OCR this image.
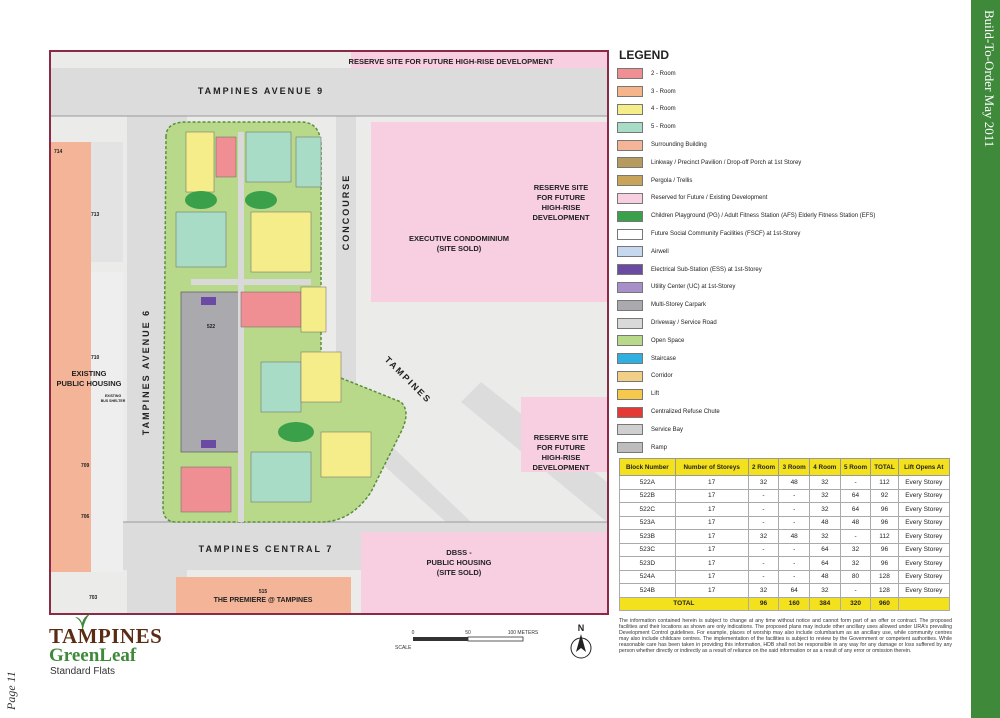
Build-To-Order May 2011
Page 11
RESERVE SITE FOR FUTURE HIGH-RISE DEVELOPMENT
TAMPINES AVENUE 9
TAMPINES AVENUE 6
TAMPINES CENTRAL 7
CONCOURSE
TAMPINES
RESERVE SITE
FOR FUTURE
HIGH-RISE
DEVELOPMENT
EXECUTIVE CONDOMINIUM
(SITE SOLD)
RESERVE SITE
FOR FUTURE
HIGH-RISE
DEVELOPMENT
DBSS -
PUBLIC HOUSING
(SITE SOLD)
EXISTING
PUBLIC HOUSING
THE PREMIERE @ TAMPINES
515
522
714
713
710
709
706
703
EXISTING
BUS SHELTER
LEGEND
2 - Room
3 - Room
4 - Room
5 - Room
Surrounding Building
Linkway / Precinct Pavilion / Drop-off Porch at 1st Storey
Pergola / Trellis
Reserved for Future / Existing Development
Children Playground (PG) / Adult Fitness Station (AFS) Elderly Fitness Station (EFS)
Future Social Community Facilities (FSCF) at 1st-Storey
Airwell
Electrical Sub-Station (ESS) at 1st-Storey
Utility Center (UC) at 1st-Storey
Multi-Storey Carpark
Driveway / Service Road
Open Space
Staircase
Corridor
Lift
Centralized Refuse Chute
Service Bay
Ramp
Block Number	Number of Storeys	2 Room	3 Room	4 Room	5 Room	TOTAL	Lift Opens At
522A	17	32	48	32	-	112	Every Storey
522B	17	-	-	32	64	92	Every Storey
522C	17	-	-	32	64	96	Every Storey
523A	17	-	-	48	48	96	Every Storey
523B	17	32	48	32	-	112	Every Storey
523C	17	-	-	64	32	96	Every Storey
523D	17	-	-	64	32	96	Every Storey
524A	17	-	-	48	80	128	Every Storey
524B	17	32	64	32	-	128	Every Storey
TOTAL		96	160	384	320	960	
The information contained herein is subject to change at any time without notice and cannot form part of an offer or contract. The proposed facilities and their locations as shown are only indications. The proposed plans may include other ancillary uses allowed under URA's prevailing Development Control guidelines. For example, places of worship may also include columbarium as an ancillary use, while community centres may also include childcare centres. The implementation of the facilities is subject to review by the Government or competent authorities. While reasonable care has been taken in providing this information, HDB shall not be responsible in any way for any damage or loss suffered by any person whether directly or indirectly as a result of reliance on the said information or as a result of any error or omission therein.
TAMPINES
GreenLeaf
Standard Flats
SCALE
0	50	100 METERS	N
